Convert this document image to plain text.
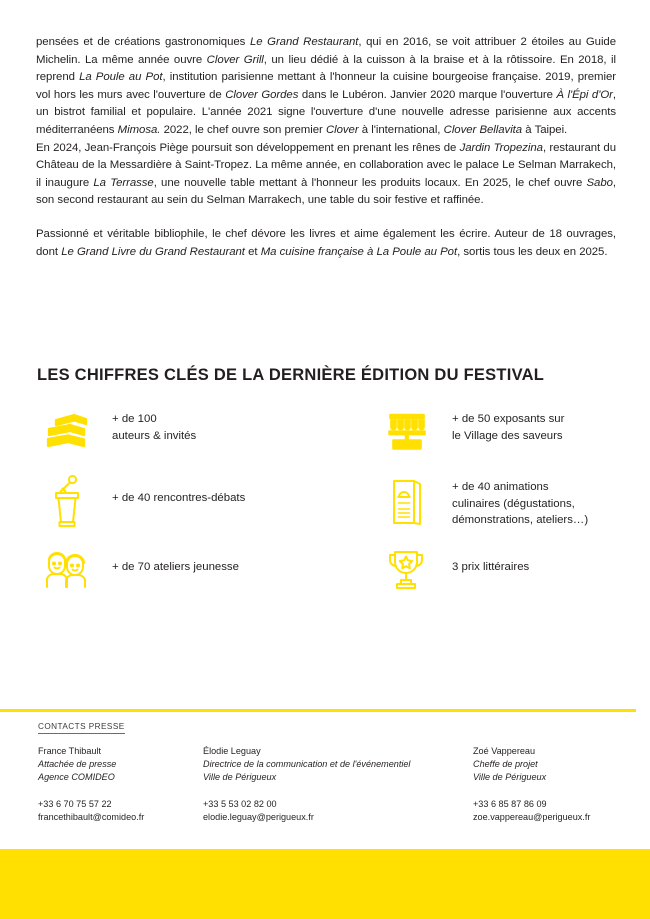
pensées et de créations gastronomiques Le Grand Restaurant, qui en 2016, se voit attribuer 2 étoiles au Guide Michelin. La même année ouvre Clover Grill, un lieu dédié à la cuisson à la braise et à la rôtissoire. En 2018, il reprend La Poule au Pot, institution parisienne mettant à l'honneur la cuisine bourgeoise française. 2019, premier vol hors les murs avec l'ouverture de Clover Gordes dans le Lubéron. Janvier 2020 marque l'ouverture À l'Épi d'Or, un bistrot familial et populaire. L'année 2021 signe l'ouverture d'une nouvelle adresse parisienne aux accents méditerranéens Mimosa. 2022, le chef ouvre son premier Clover à l'international, Clover Bellavita à Taipei.

En 2024, Jean-François Piège poursuit son développement en prenant les rênes de Jardin Tropezina, restaurant du Château de la Messardière à Saint-Tropez. La même année, en collaboration avec le palace Le Selman Marrakech, il inaugure La Terrasse, une nouvelle table mettant à l'honneur les produits locaux. En 2025, le chef ouvre Sabo, son second restaurant au sein du Selman Marrakech, une table du soir festive et raffinée.

Passionné et véritable bibliophile, le chef dévore les livres et aime également les écrire. Auteur de 18 ouvrages, dont Le Grand Livre du Grand Restaurant et Ma cuisine française à La Poule au Pot, sortis tous les deux en 2025.

LES CHIFFRES CLÉS DE LA DERNIÈRE ÉDITION DU FESTIVAL
+ de 100
auteurs & invités
+ de 50 exposants sur
le Village des saveurs
+ de 40 rencontres-débats
+ de 40 animations
culinaires (dégustations,
démonstrations, ateliers…)
+ de 70 ateliers jeunesse	3 prix littéraires
CONTACTS PRESSE
France Thibault
Attachée de presse
Agence COMIDEO
+33 6 70 75 57 22
francethibault@comideo.fr
Élodie Leguay
Directrice de la communication et de l'événementiel
Ville de Périgueux
+33 5 53 02 82 00
elodie.leguay@perigueux.fr
Zoé Vappereau
Cheffe de projet
Ville de Périgueux
+33 6 85 87 86 09
zoe.vappereau@perigueux.fr
